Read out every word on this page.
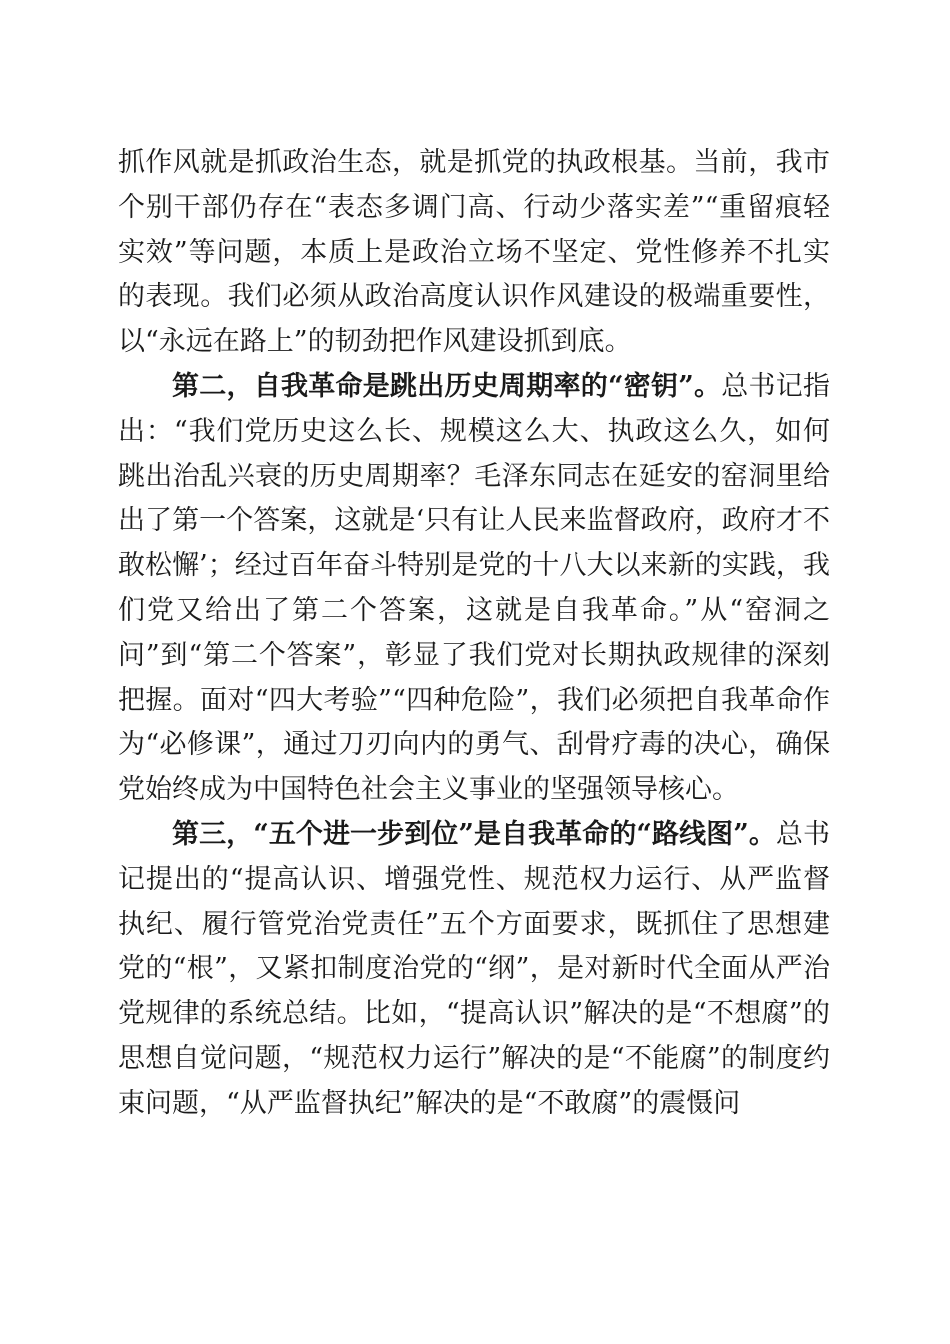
抓作风就是抓政治生态，就是抓党的执政根基。当前，我市个别干部仍存在“表态多调门高、行动少落实差”“重留痕轻实效”等问题，本质上是政治立场不坚定、党性修养不扎实的表现。我们必须从政治高度认识作风建设的极端重要性，以“永远在路上”的韧劲把作风建设抓到底。

第二，自我革命是跳出历史周期率的“密钥”。总书记指出：“我们党历史这么长、规模这么大、执政这么久，如何跳出治乱兴衰的历史周期率？毛泽东同志在延安的窑洞里给出了第一个答案，这就是‘只有让人民来监督政府，政府才不敢松懈’；经过百年奋斗特别是党的十八大以来新的实践，我们党又给出了第二个答案，这就是自我革命。”从“窑洞之问”到“第二个答案”，彰显了我们党对长期执政规律的深刻把握。面对“四大考验”“四种危险”，我们必须把自我革命作为“必修课”，通过刀刃向内的勇气、刮骨疗毒的决心，确保党始终成为中国特色社会主义事业的坚强领导核心。

第三，“五个进一步到位”是自我革命的“路线图”。总书记提出的“提高认识、增强党性、规范权力运行、从严监督执纪、履行管党治党责任”五个方面要求，既抓住了思想建党的“根”，又紧扣制度治党的“纲”，是对新时代全面从严治党规律的系统总结。比如，“提高认识”解决的是“不想腐”的思想自觉问题，“规范权力运行”解决的是“不能腐”的制度约束问题，“从严监督执纪”解决的是“不敢腐”的震慑问
